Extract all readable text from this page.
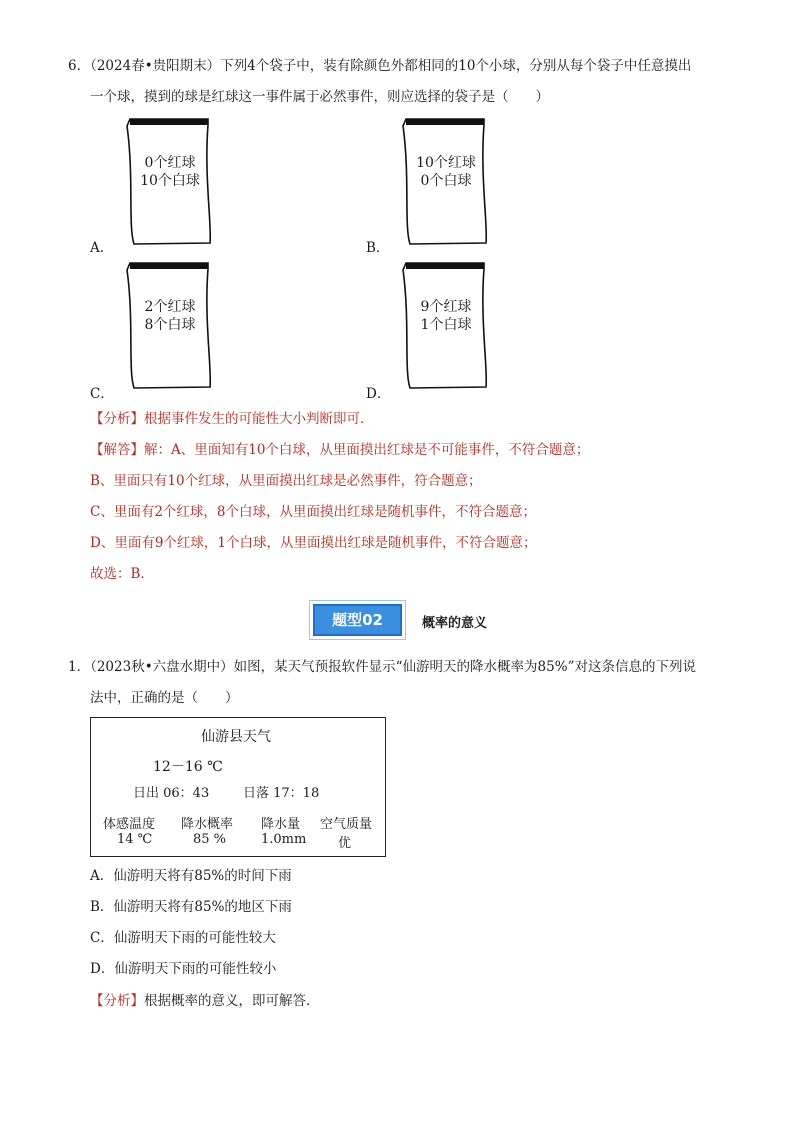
6．（2024春•贵阳期末）下列4个袋子中，装有除颜色外都相同的10个小球，分别从每个袋子中任意摸出
一个球，摸到的球是红球这一事件属于必然事件，则应选择的袋子是（　　）
0个红球
10个白球
A．
10个红球
0个白球
B．
2个红球
8个白球
C．
9个红球
1个白球
D．
【分析】根据事件发生的可能性大小判断即可．
【解答】解：A、里面知有10个白球，从里面摸出红球是不可能事件，不符合题意；
B、里面只有10个红球，从里面摸出红球是必然事件，符合题意；
C、里面有2个红球，8个白球，从里面摸出红球是随机事件，不符合题意；
D、里面有9个红球，1个白球，从里面摸出红球是随机事件，不符合题意；
故选：B．
题型02	概率的意义
1．（2023秋•六盘水期中）如图，某天气预报软件显示“仙游明天的降水概率为85%”对这条信息的下列说
法中，正确的是（　　）
仙游县天气
12－16 ℃
日出 06：43	日落 17：18
体感温度 降水概率 降水量 空气质量
14 ℃	85 %	1.0mm 优
A．仙游明天将有85%的时间下雨
B．仙游明天将有85%的地区下雨
C．仙游明天下雨的可能性较大
D．仙游明天下雨的可能性较小
【分析】根据概率的意义，即可解答．
